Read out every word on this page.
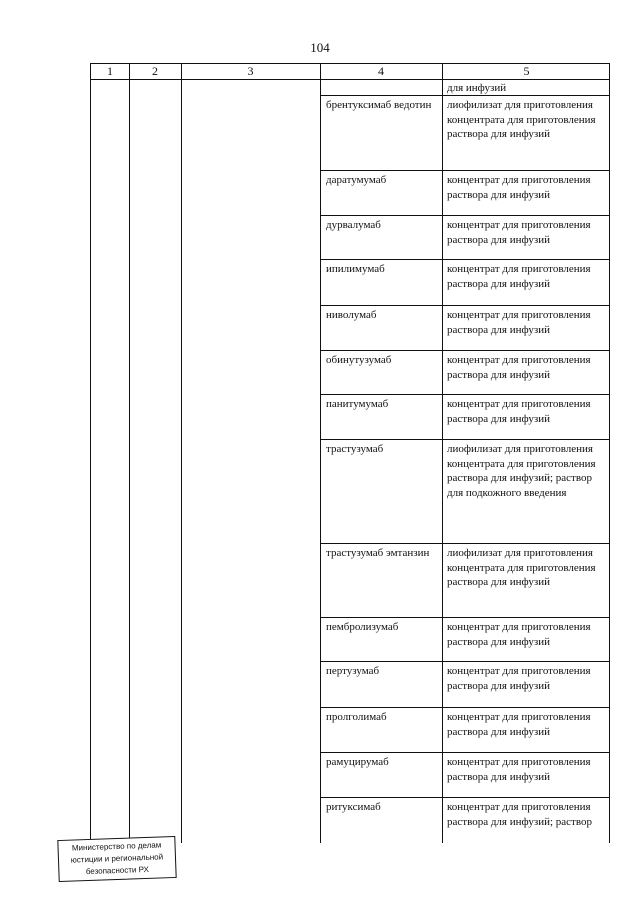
104
1	2	3	4	5
для инфузий
брентуксимаб ведотин	лиофилизат для приготовления концентрата для приготовления раствора для инфузий
даратумумаб	концентрат для приготовления раствора для инфузий
дурвалумаб	концентрат для приготовления раствора для инфузий
ипилимумаб	концентрат для приготовления раствора для инфузий
ниволумаб	концентрат для приготовления раствора для инфузий
обинутузумаб	концентрат для приготовления раствора для инфузий
панитумумаб	концентрат для приготовления раствора для инфузий
трастузумаб	лиофилизат для приготовления концентрата для приготовления раствора для инфузий; раствор для подкожного введения
трастузумаб эмтанзин	лиофилизат для приготовления концентрата для приготовления раствора для инфузий
пембролизумаб	концентрат для приготовления раствора для инфузий
пертузумаб	концентрат для приготовления раствора для инфузий
пролголимаб	концентрат для приготовления раствора для инфузий
рамуцирумаб	концентрат для приготовления раствора для инфузий
ритуксимаб	концентрат для приготовления раствора для инфузий; раствор
Министерство по делам юстиции и региональной безопасности РХ
